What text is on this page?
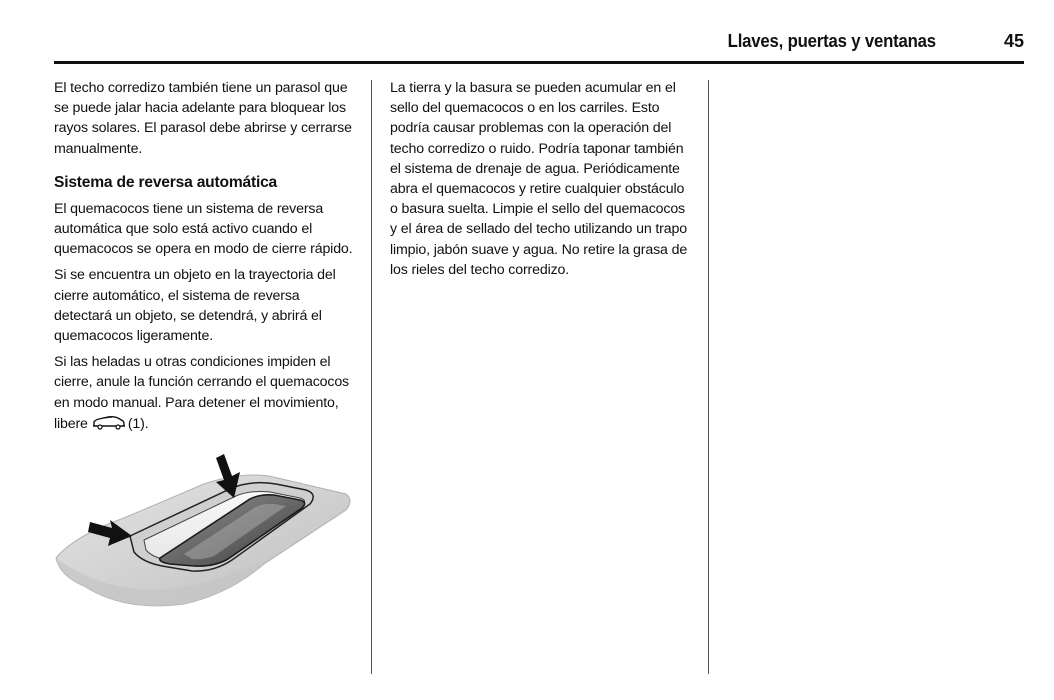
Llaves, puertas y ventanas	45

El techo corredizo también tiene un parasol que se puede jalar hacia adelante para bloquear los rayos solares. El parasol debe abrirse y cerrarse manualmente.

Sistema de reversa automática

El quemacocos tiene un sistema de reversa automática que solo está activo cuando el quemacocos se opera en modo de cierre rápido.

Si se encuentra un objeto en la trayectoria del cierre automático, el sistema de reversa detectará un objeto, se detendrá, y abrirá el quemacocos ligeramente.

Si las heladas u otras condiciones impiden el cierre, anule la función cerrando el quemacocos en modo manual. Para detener el movimiento, libere	(1).

La tierra y la basura se pueden acumular en el sello del quemacocos o en los carriles. Esto podría causar problemas con la operación del techo corredizo o ruido. Podría taponar también el sistema de drenaje de agua. Periódicamente abra el quemacocos y retire cualquier obstáculo o basura suelta. Limpie el sello del quemacocos y el área de sellado del techo utilizando un trapo limpio, jabón suave y agua. No retire la grasa de los rieles del techo corredizo.
